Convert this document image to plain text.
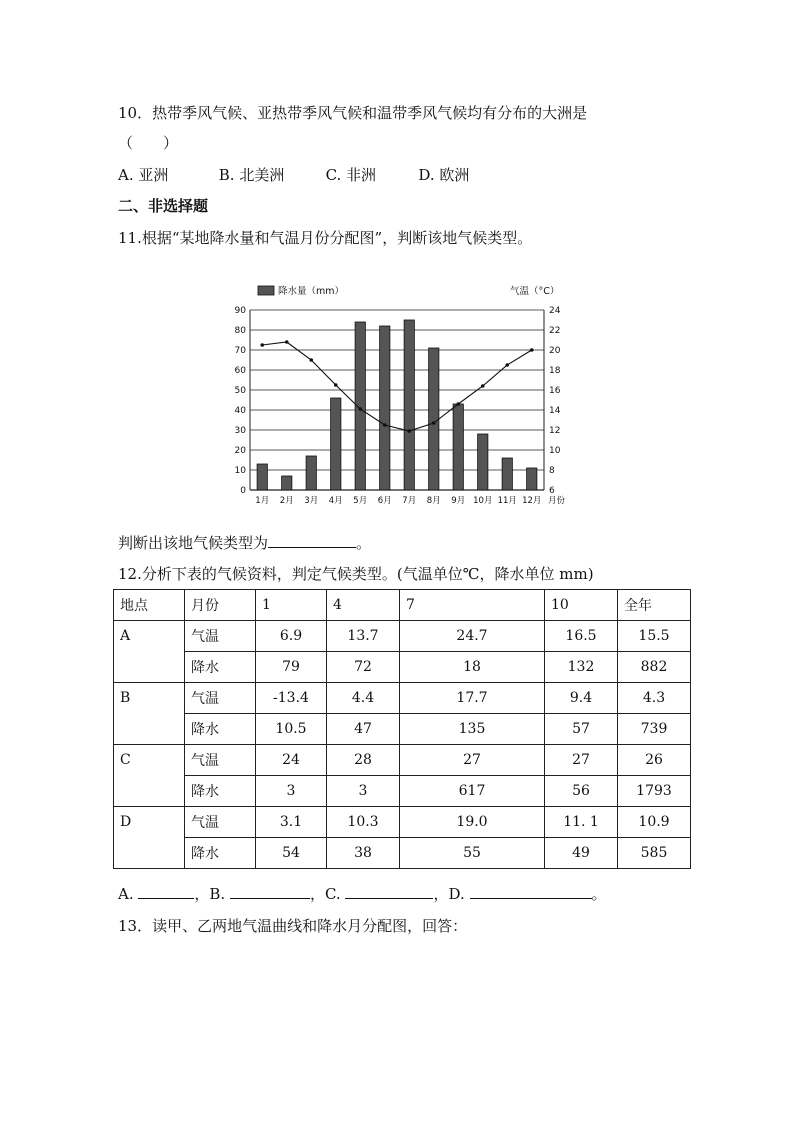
10．热带季风气候、亚热带季风气候和温带季风气候均有分布的大洲是
（　　）
A. 亚洲	B. 北美洲	C. 非洲	D. 欧洲
二、非选择题
11.根据“某地降水量和气温月份分配图”，判断该地气候类型。
0
10
20
30
40
50
60
70
80
90
6
8
10
12
14
16
18
20
22
24
1月 2月 3月 4月 5月 6月 7月 8月 9月 10月 11月 12月 月份
降水量（mm）	气温（°C）
判断出该地气候类型为	。
12.分析下表的气候资料，判定气候类型。(气温单位℃，降水单位 mm)
地点	月份	1	4	7	10	全年
A	气温	6.9	13.7	24.7	16.5	15.5
	降水	79	72	18	132	882
B	气温	-13.4	4.4	17.7	9.4	4.3
	降水	10.5	47	135	57	739
C	气温	24	28	27	27	26
	降水	3	3	617	56	1793
D	气温	3.1	10.3	19.0	11. 1	10.9
	降水	54	38	55	49	585
A.	，B.	，C.	，D.	。
13．读甲、乙两地气温曲线和降水月分配图，回答：
